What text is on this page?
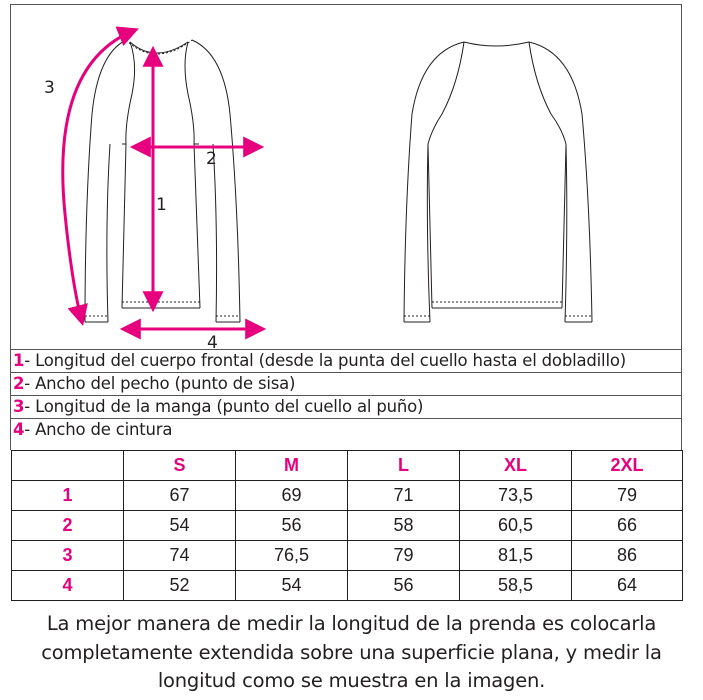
1
2
3
4
1- Longitud del cuerpo frontal (desde la punta del cuello hasta el dobladillo)
2- Ancho del pecho (punto de sisa)
3- Longitud de la manga (punto del cuello al puño)
4- Ancho de cintura
	S	M	L	XL	2XL
1	67	69	71	73,5	79
2	54	56	58	60,5	66
3	74	76,5	79	81,5	86
4	52	54	56	58,5	64
La mejor manera de medir la longitud de la prenda es colocarla
completamente extendida sobre una superficie plana, y medir la
longitud como se muestra en la imagen.
